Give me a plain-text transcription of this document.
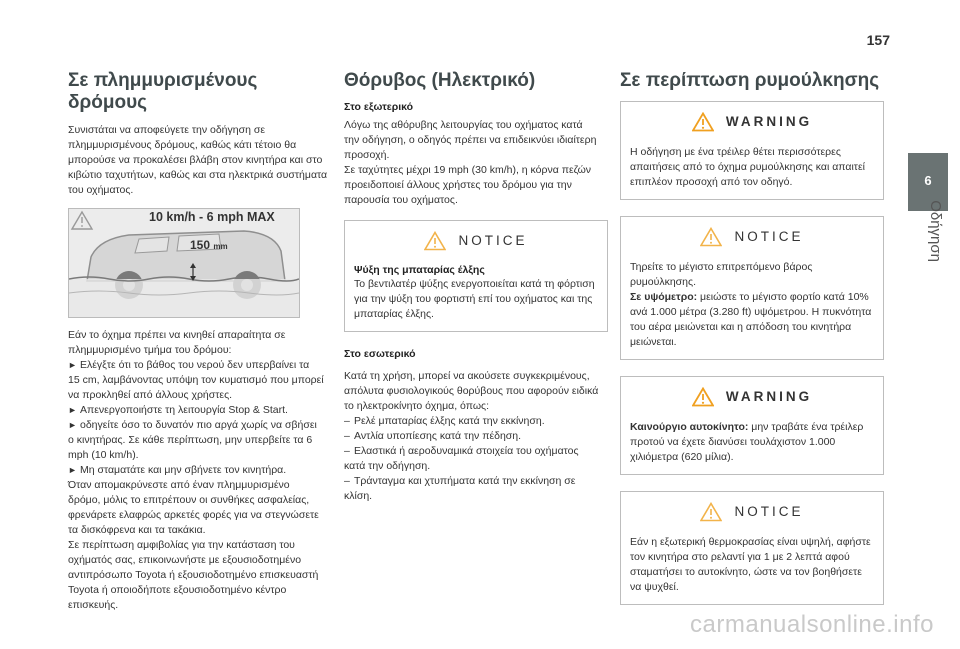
157
6
Οδήγηση
Σε πλημμυρισμένους δρόμους

Συνιστάται να αποφεύγετε την οδήγηση σε

πλημμυρισμένους δρόμους, καθώς κάτι τέτοιο θα

μπορούσε να προκαλέσει βλάβη στον κινητήρα και στο

κιβώτιο ταχυτήτων, καθώς και στα ηλεκτρικά συστήματα

του οχήματος.

10 km/h - 6 mph MAX
150 mm

Εάν το όχημα πρέπει να κινηθεί απαραίτητα σε

πλημμυρισμένο τμήμα του δρόμου:

► Ελέγξτε ότι το βάθος του νερού δεν υπερβαίνει τα

15 cm, λαμβάνοντας υπόψη τον κυματισμό που μπορεί

να προκληθεί από άλλους χρήστες.

► Απενεργοποιήστε τη λειτουργία Stop & Start.

► οδηγείτε όσο το δυνατόν πιο αργά χωρίς να σβήσει

ο κινητήρας. Σε κάθε περίπτωση, μην υπερβείτε τα 6

mph (10 km/h).

► Μη σταματάτε και μην σβήνετε τον κινητήρα.

Όταν απομακρύνεστε από έναν πλημμυρισμένο

δρόμο, μόλις το επιτρέπουν οι συνθήκες ασφαλείας,

φρενάρετε ελαφρώς αρκετές φορές για να στεγνώσετε

τα δισκόφρενα και τα τακάκια.

Σε περίπτωση αμφιβολίας για την κατάσταση του

οχήματός σας, επικοινωνήστε με εξουσιοδοτημένο

αντιπρόσωπο Toyota ή εξουσιοδοτημένο επισκευαστή

Toyota ή οποιοδήποτε εξουσιοδοτημένο κέντρο

επισκευής.

Θόρυβος (Ηλεκτρικό)
Στο εξωτερικό

Λόγω της αθόρυβης λειτουργίας του οχήματος κατά

την οδήγηση, ο οδηγός πρέπει να επιδεικνύει ιδιαίτερη

προσοχή.

Σε ταχύτητες μέχρι 19 mph (30 km/h), η κόρνα πεζών

προειδοποιεί άλλους χρήστες του δρόμου για την

παρουσία του οχήματος.

NOTICE
Ψύξη της μπαταρίας έλξης

Το βεντιλατέρ ψύξης ενεργοποιείται κατά τη φόρτιση

για την ψύξη του φορτιστή επί του οχήματος και της

μπαταρίας έλξης.

Στο εσωτερικό

Κατά τη χρήση, μπορεί να ακούσετε συγκεκριμένους,

απόλυτα φυσιολογικούς θορύβους που αφορούν ειδικά

το ηλεκτροκίνητο όχημα, όπως:

– Ρελέ μπαταρίας έλξης κατά την εκκίνηση.

– Αντλία υποπίεσης κατά την πέδηση.

– Ελαστικά ή αεροδυναμικά στοιχεία του οχήματος

κατά την οδήγηση.

– Τράνταγμα και χτυπήματα κατά την εκκίνηση σε

κλίση.

Σε περίπτωση ρυμούλκησης
WARNING

Η οδήγηση με ένα τρέιλερ θέτει περισσότερες

απαιτήσεις από το όχημα ρυμούλκησης και απαιτεί

επιπλέον προσοχή από τον οδηγό.

NOTICE

Τηρείτε το μέγιστο επιτρεπόμενο βάρος

ρυμούλκησης.

Σε υψόμετρο: μειώστε το μέγιστο φορτίο κατά 10%

ανά 1.000 μέτρα (3.280 ft) υψόμετρου. Η πυκνότητα

του αέρα μειώνεται και η απόδοση του κινητήρα

μειώνεται.

WARNING

Καινούργιο αυτοκίνητο: μην τραβάτε ένα τρέιλερ

προτού να έχετε διανύσει τουλάχιστον 1.000

χιλιόμετρα (620 μίλια).

NOTICE

Εάν η εξωτερική θερμοκρασίας είναι υψηλή, αφήστε

τον κινητήρα στο ρελαντί για 1 με 2 λεπτά αφού

σταματήσει το αυτοκίνητο, ώστε να τον βοηθήσετε

να ψυχθεί.

carmanualsonline.info
